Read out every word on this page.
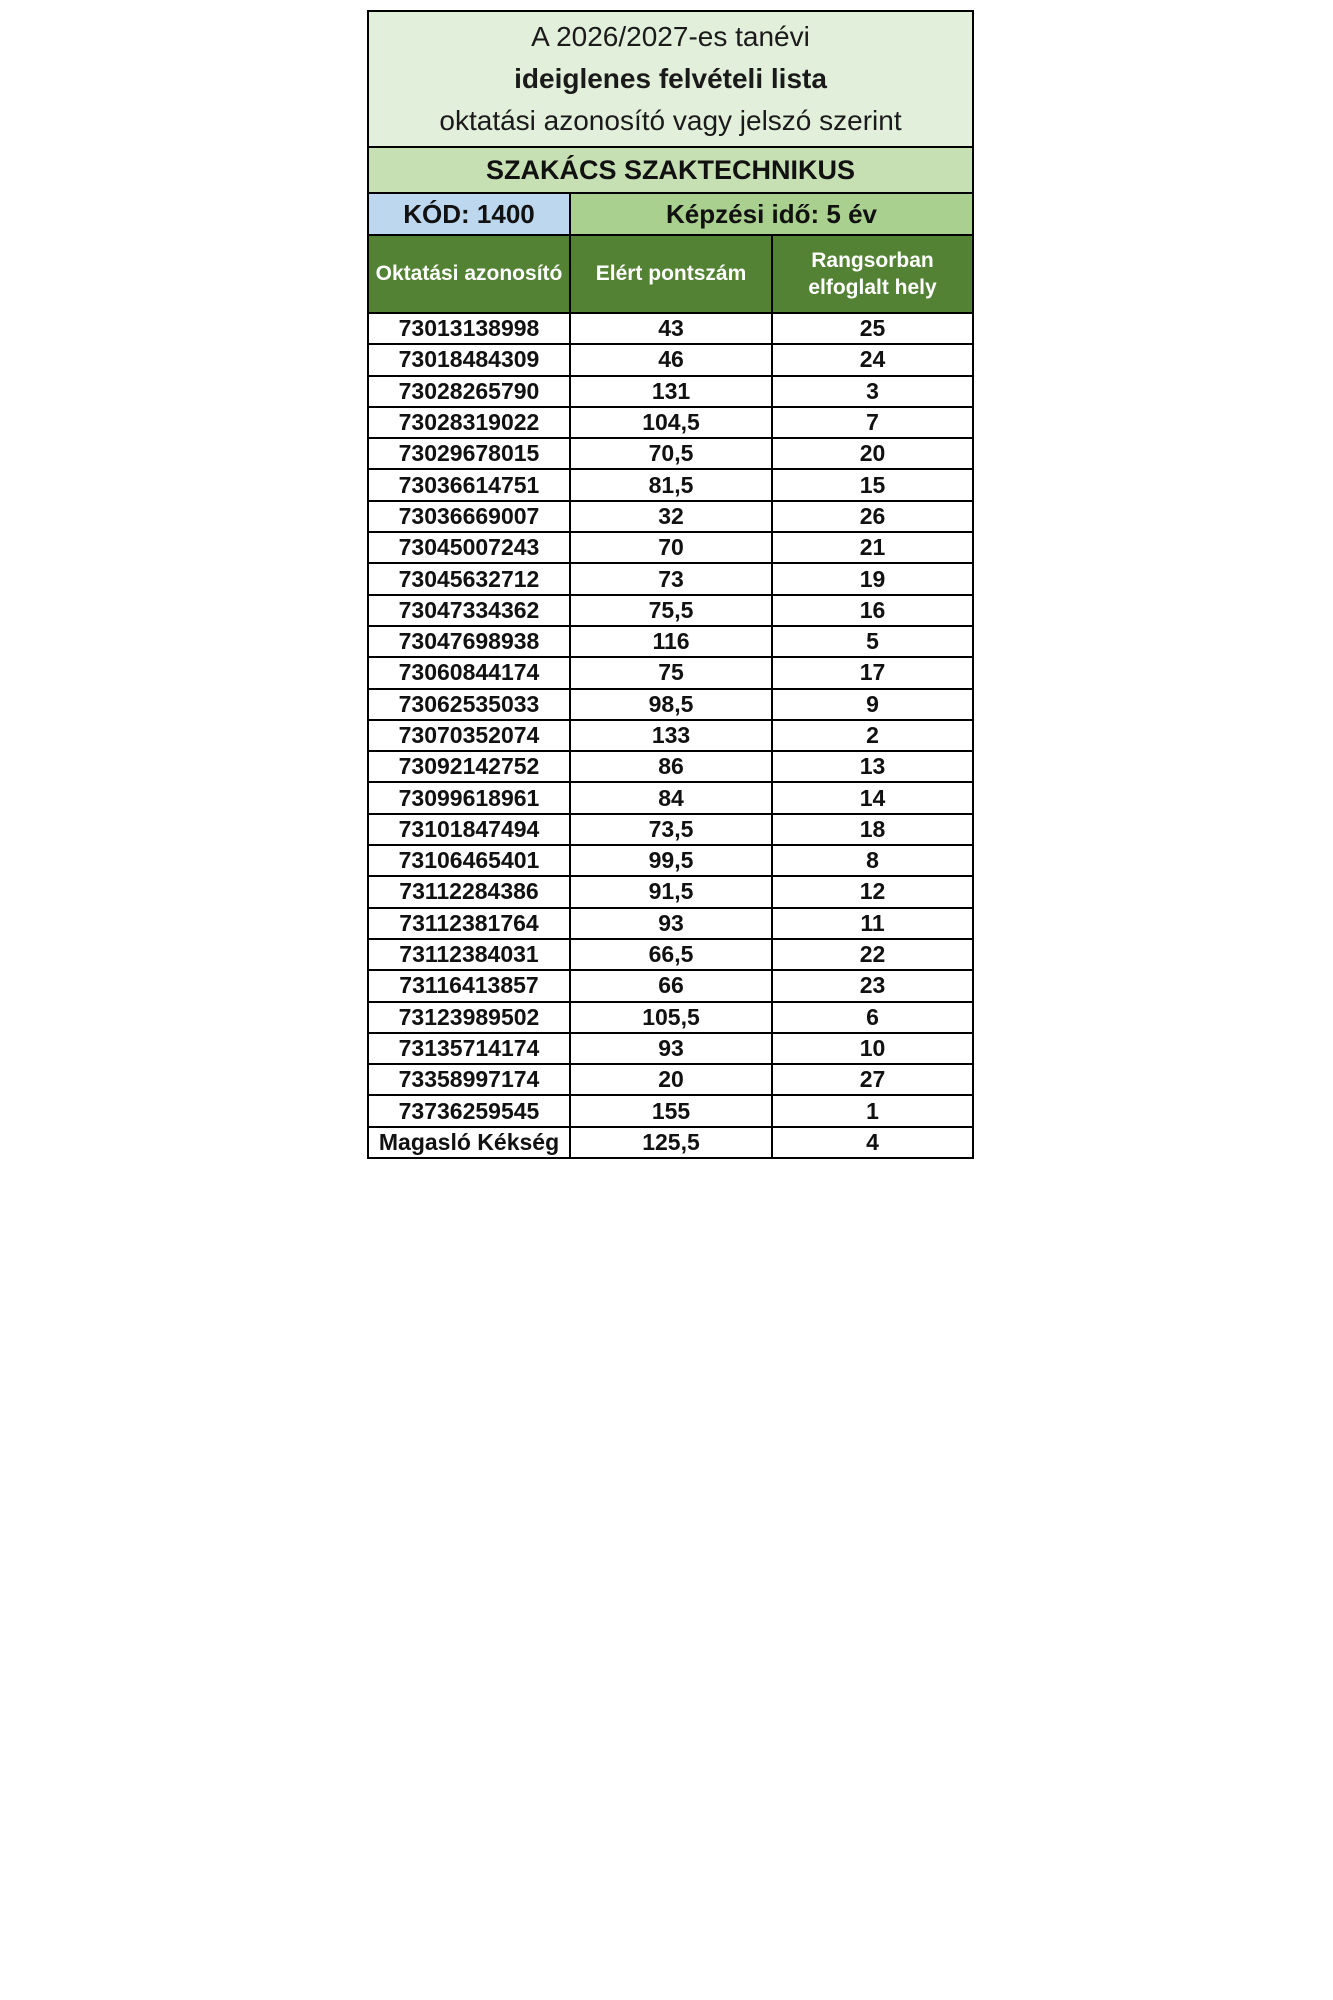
A 2026/2027-es tanévi
ideiglenes felvételi lista
oktatási azonosító vagy jelszó szerint		

SZAKÁCS SZAKTECHNIKUS		
KÓD: 1400	Képzési idő: 5 év	
Oktatási azonosító	Elért pontszám	Rangsorban elfoglalt hely
73013138998	43	25
73018484309	46	24
73028265790	131	3
73028319022	104,5	7
73029678015	70,5	20
73036614751	81,5	15
73036669007	32	26
73045007243	70	21
73045632712	73	19
73047334362	75,5	16
73047698938	116	5
73060844174	75	17
73062535033	98,5	9
73070352074	133	2
73092142752	86	13
73099618961	84	14
73101847494	73,5	18
73106465401	99,5	8
73112284386	91,5	12
73112381764	93	11
73112384031	66,5	22
73116413857	66	23
73123989502	105,5	6
73135714174	93	10
73358997174	20	27
73736259545	155	1
Magasló Kékség	125,5	4
